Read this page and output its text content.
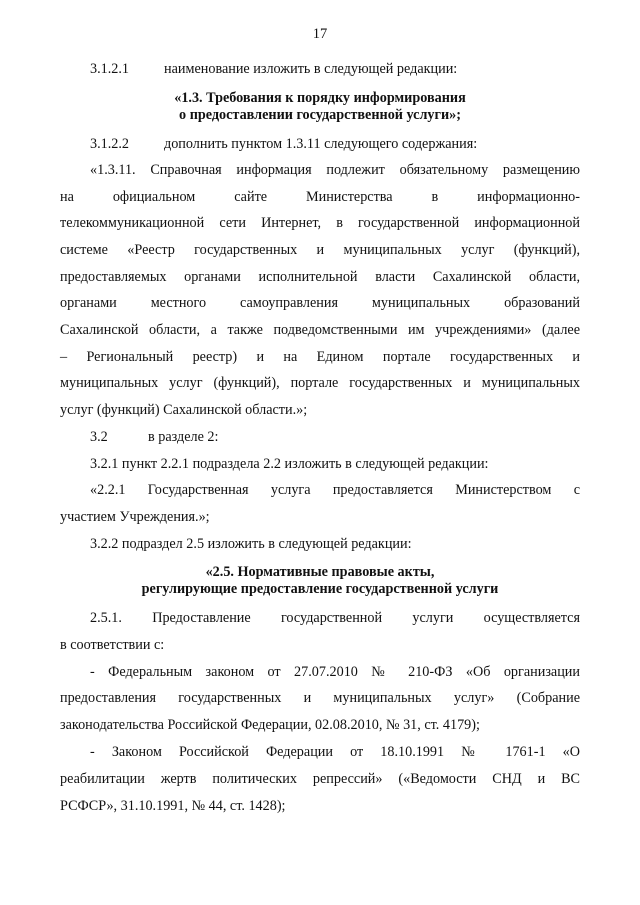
17
3.1.2.1 наименование изложить в следующей редакции:
«1.3. Требования к порядку информирования
о предоставлении государственной услуги»;
3.1.2.2 дополнить пунктом 1.3.11 следующего содержания:
«1.3.11. Справочная информация подлежит обязательному размещению
на официальном сайте Министерства в информационно-
телекоммуникационной сети Интернет, в государственной информационной
системе «Реестр государственных и муниципальных услуг (функций),
предоставляемых органами исполнительной власти Сахалинской области,
органами местного самоуправления муниципальных образований
Сахалинской области, а также подведомственными им учреждениями» (далее
– Региональный реестр) и на Едином портале государственных и
муниципальных услуг (функций), портале государственных и муниципальных
услуг (функций) Сахалинской области.»;
3.2	в разделе 2:
3.2.1 пункт 2.2.1 подраздела 2.2 изложить в следующей редакции:
«2.2.1 Государственная услуга предоставляется Министерством с
участием Учреждения.»;
3.2.2 подраздел 2.5 изложить в следующей редакции:
«2.5. Нормативные правовые акты,
регулирующие предоставление государственной услуги
2.5.1. Предоставление государственной услуги осуществляется
в соответствии с:
- Федеральным законом от 27.07.2010 № 210-ФЗ «Об организации
предоставления государственных и муниципальных услуг» (Собрание
законодательства Российской Федерации, 02.08.2010, № 31, ст. 4179);
- Законом Российской Федерации от 18.10.1991 № 1761-1 «О
реабилитации жертв политических репрессий» («Ведомости СНД и ВС
РСФСР», 31.10.1991, № 44, ст. 1428);
